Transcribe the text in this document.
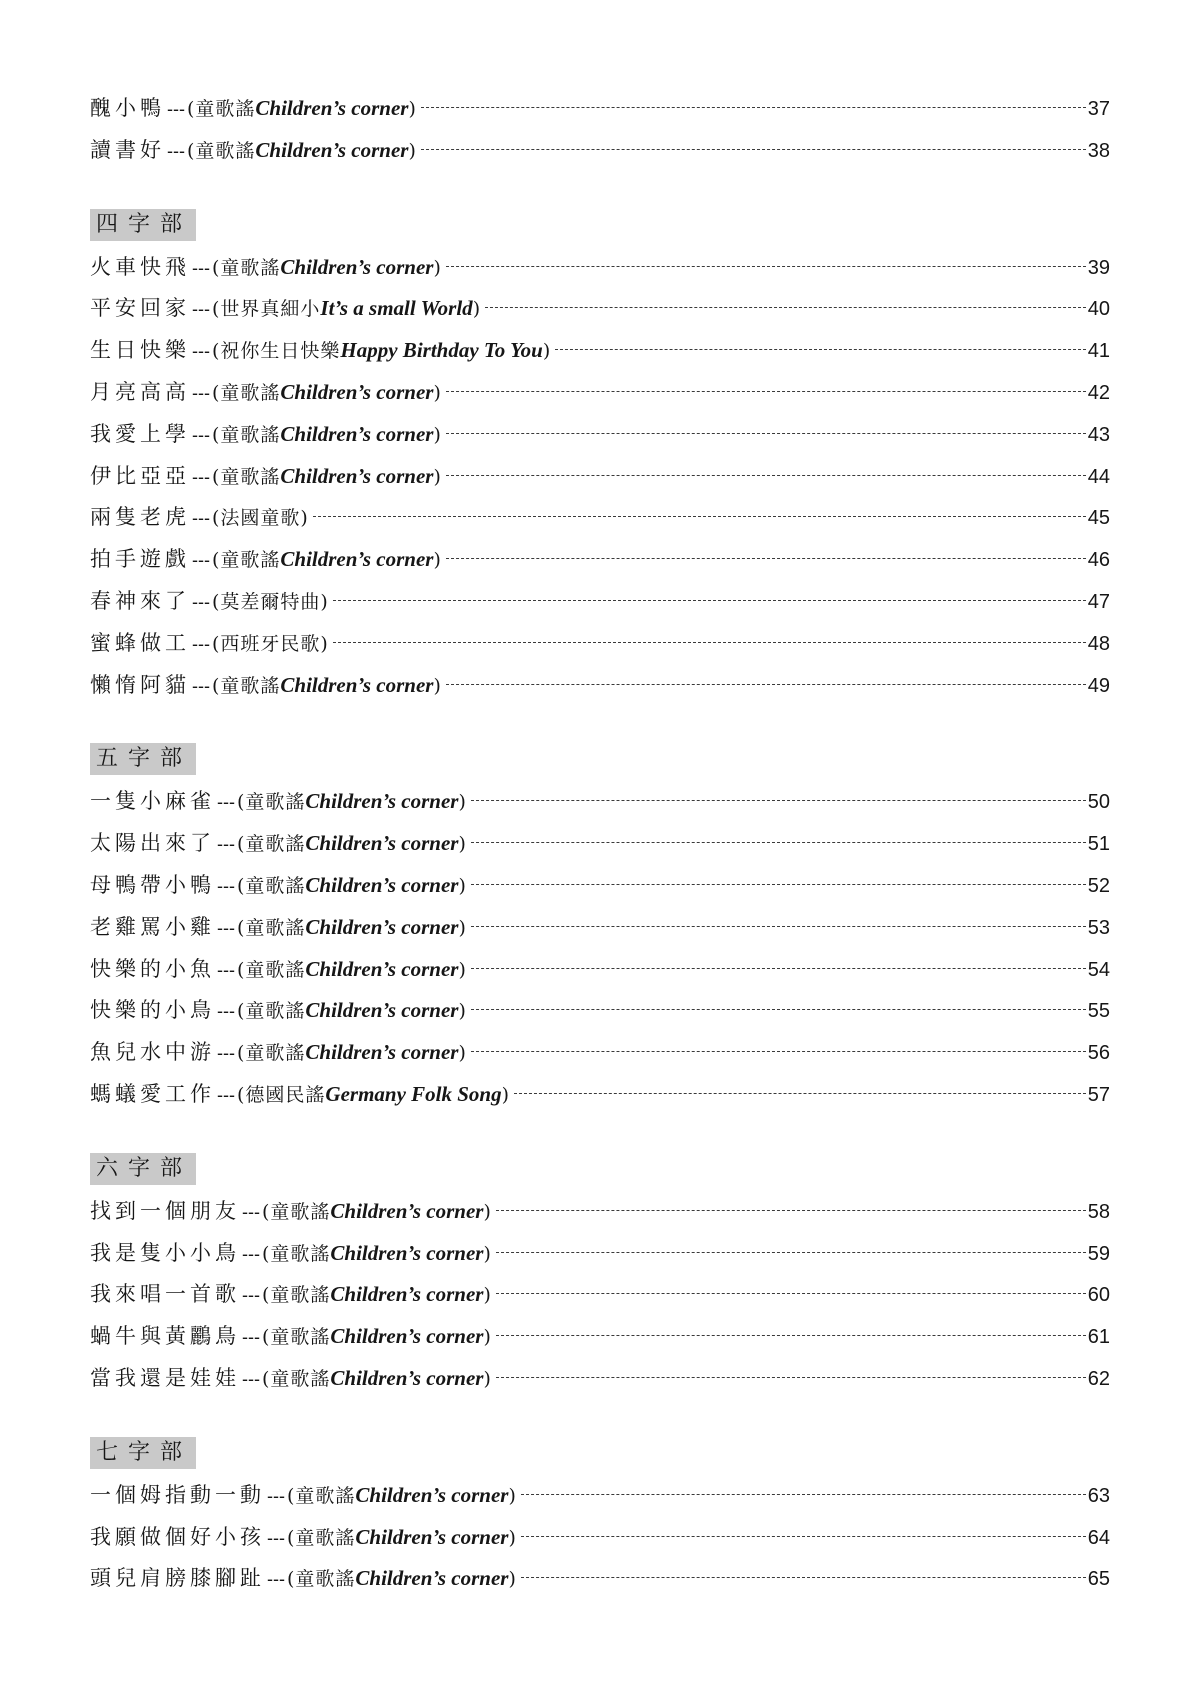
醜小鴨 --- (童歌謠Children’s corner)	37
讀書好 --- (童歌謠Children’s corner)	38
四字部
火車快飛 --- (童歌謠Children’s corner)	39
平安回家 --- (世界真細小It’s a small World)	40
生日快樂 --- (祝你生日快樂Happy Birthday To You)	41
月亮高高 --- (童歌謠Children’s corner)	42
我愛上學 --- (童歌謠Children’s corner)	43
伊比亞亞 --- (童歌謠Children’s corner)	44
兩隻老虎 --- (法國童歌)	45
拍手遊戲 --- (童歌謠Children’s corner)	46
春神來了 --- (莫差爾特曲)	47
蜜蜂做工 --- (西班牙民歌)	48
懶惰阿貓 --- (童歌謠Children’s corner)	49
五字部
一隻小麻雀 --- (童歌謠Children’s corner)	50
太陽出來了 --- (童歌謠Children’s corner)	51
母鴨帶小鴨 --- (童歌謠Children’s corner)	52
老雞罵小雞 --- (童歌謠Children’s corner)	53
快樂的小魚 --- (童歌謠Children’s corner)	54
快樂的小鳥 --- (童歌謠Children’s corner)	55
魚兒水中游 --- (童歌謠Children’s corner)	56
螞蟻愛工作 --- (德國民謠Germany Folk Song)	57
六字部
找到一個朋友 --- (童歌謠Children’s corner)	58
我是隻小小鳥 --- (童歌謠Children’s corner)	59
我來唱一首歌 --- (童歌謠Children’s corner)	60
蝸牛與黃鸝鳥 --- (童歌謠Children’s corner)	61
當我還是娃娃 --- (童歌謠Children’s corner)	62
七字部
一個姆指動一動 --- (童歌謠Children’s corner)	63
我願做個好小孩 --- (童歌謠Children’s corner)	64
頭兒肩膀膝腳趾 --- (童歌謠Children’s corner)	65
